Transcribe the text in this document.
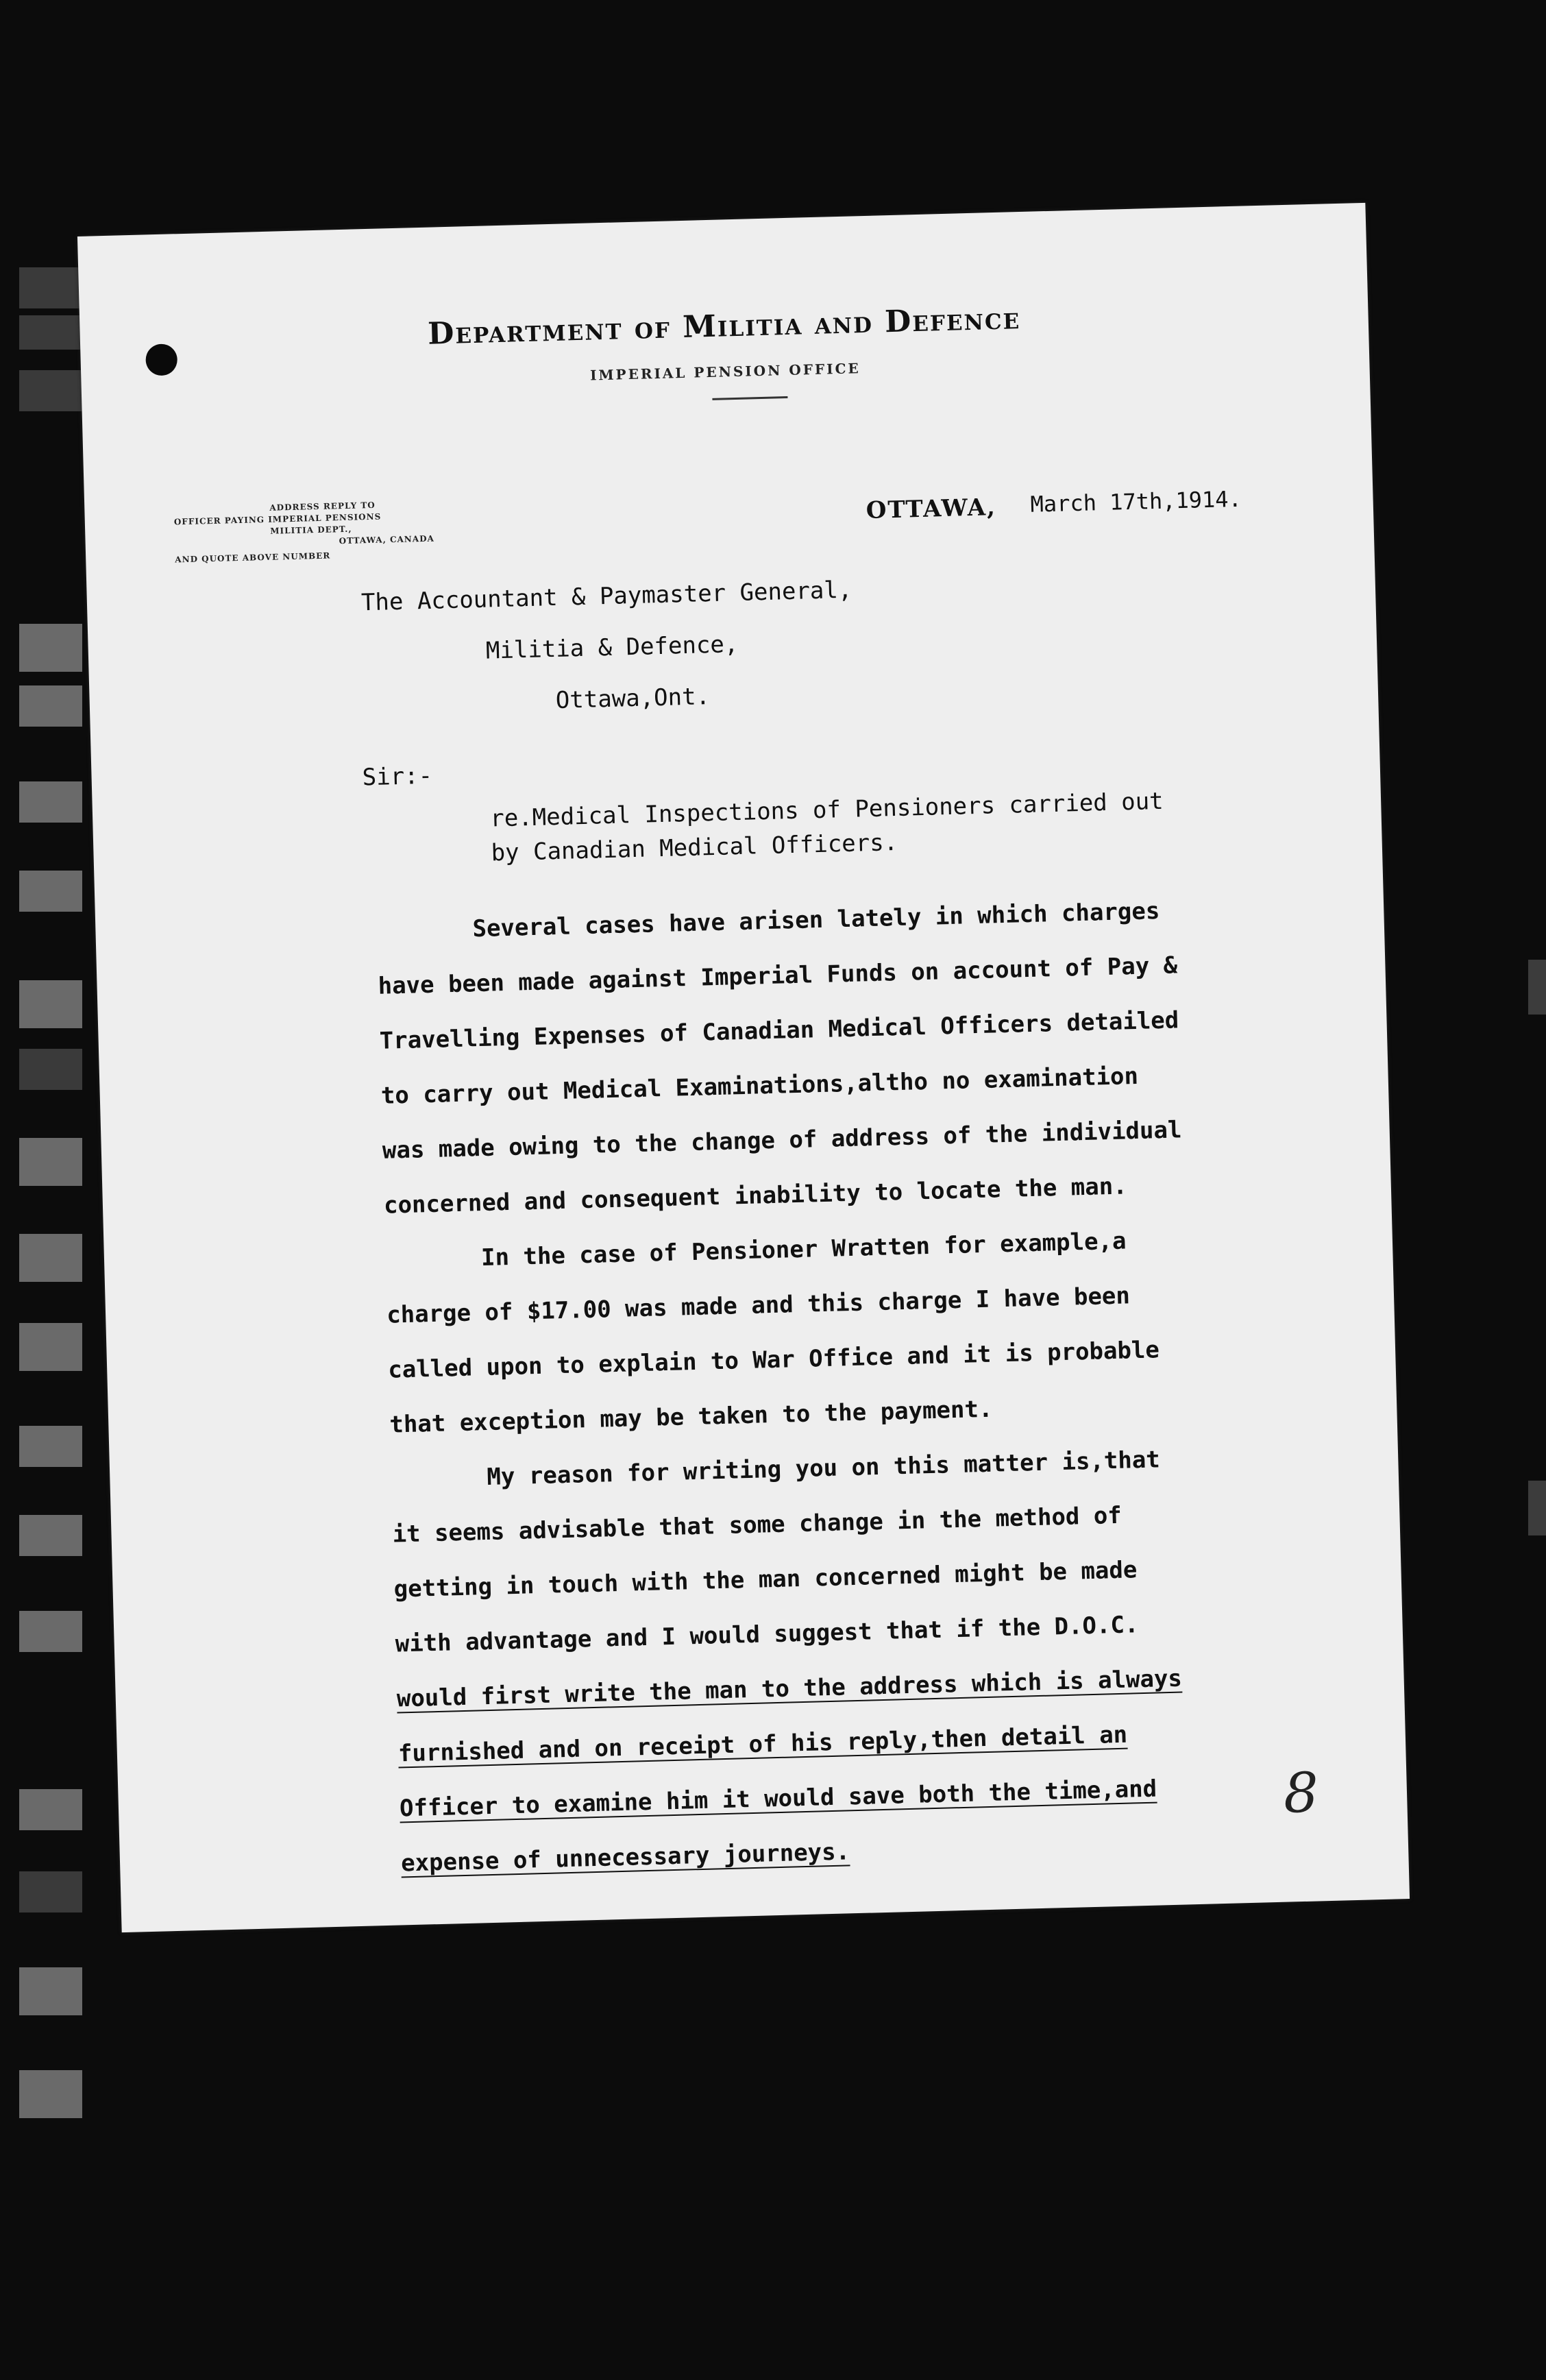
Department of Militia and Defence
IMPERIAL PENSION OFFICE
ADDRESS REPLY TO
OFFICER PAYING IMPERIAL PENSIONS
MILITIA DEPT.,
OTTAWA, CANADA
AND QUOTE ABOVE NUMBER
OTTAWA, March 17th,1914.
The Accountant & Paymaster General,
Militia & Defence,
Ottawa,Ont.
Sir:-
re.Medical Inspections of Pensioners carried out
by Canadian Medical Officers.
Several cases have arisen lately in which charges
have been made against Imperial Funds on account of Pay &
Travelling Expenses of Canadian Medical Officers detailed
to carry out Medical Examinations,altho no examination
was made owing to the change of address of the individual
concerned and consequent inability to locate the man.
In the case of Pensioner Wratten for example,a
charge of $17.00 was made and this charge I have been
called upon to explain to War Office and it is probable
that exception may be taken to the payment.
My reason for writing you on this matter is,that
it seems advisable that some change in the method of
getting in touch with the man concerned might be made
with advantage and I would suggest that if the D.O.C.
would first write the man to the address which is always
furnished and on receipt of his reply,then detail an
Officer to examine him it would save both the time,and
expense of unnecessary journeys.
8
